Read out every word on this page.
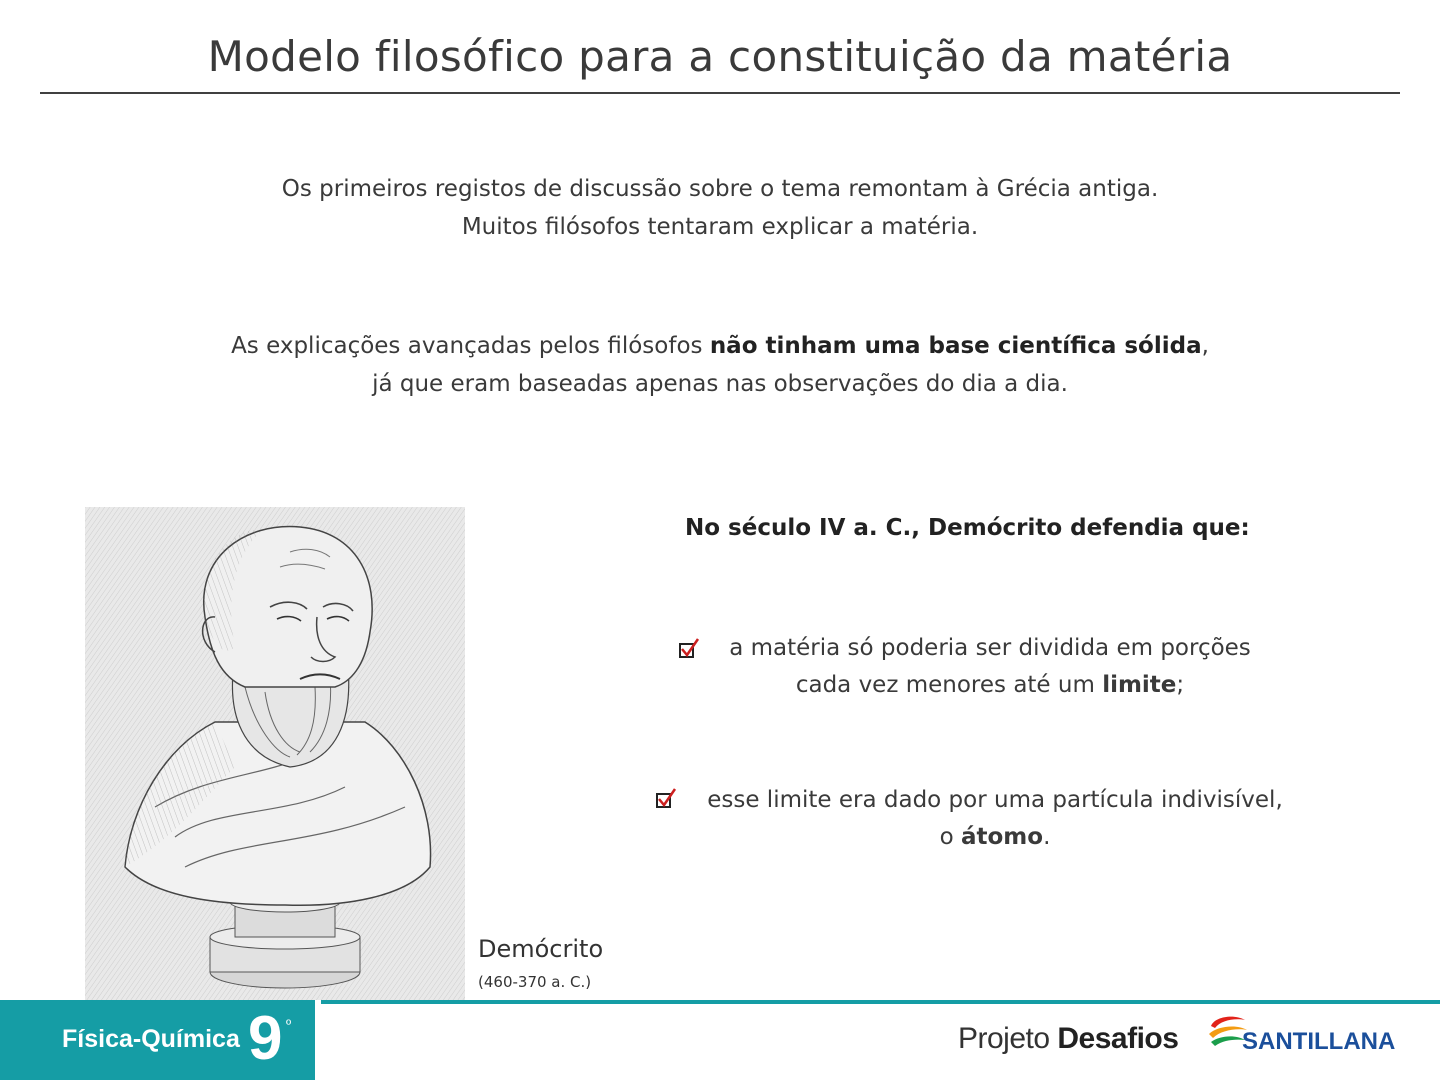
Modelo filosófico para a constituição da matéria
Os primeiros registos de discussão sobre o tema remontam à Grécia antiga.
Muitos filósofos tentaram explicar a matéria.
As explicações avançadas pelos filósofos não tinham uma base científica sólida,
já que eram baseadas apenas nas observações do dia a dia.
Demócrito
(460-370 a. C.)
No século IV a. C., Demócrito defendia que:
a matéria só poderia ser dividida em porções
cada vez menores até um limite;
esse limite era dado por uma partícula indivisível,
o átomo.
Física-Química 9 º	Projeto Desafios	SANTILLANA
